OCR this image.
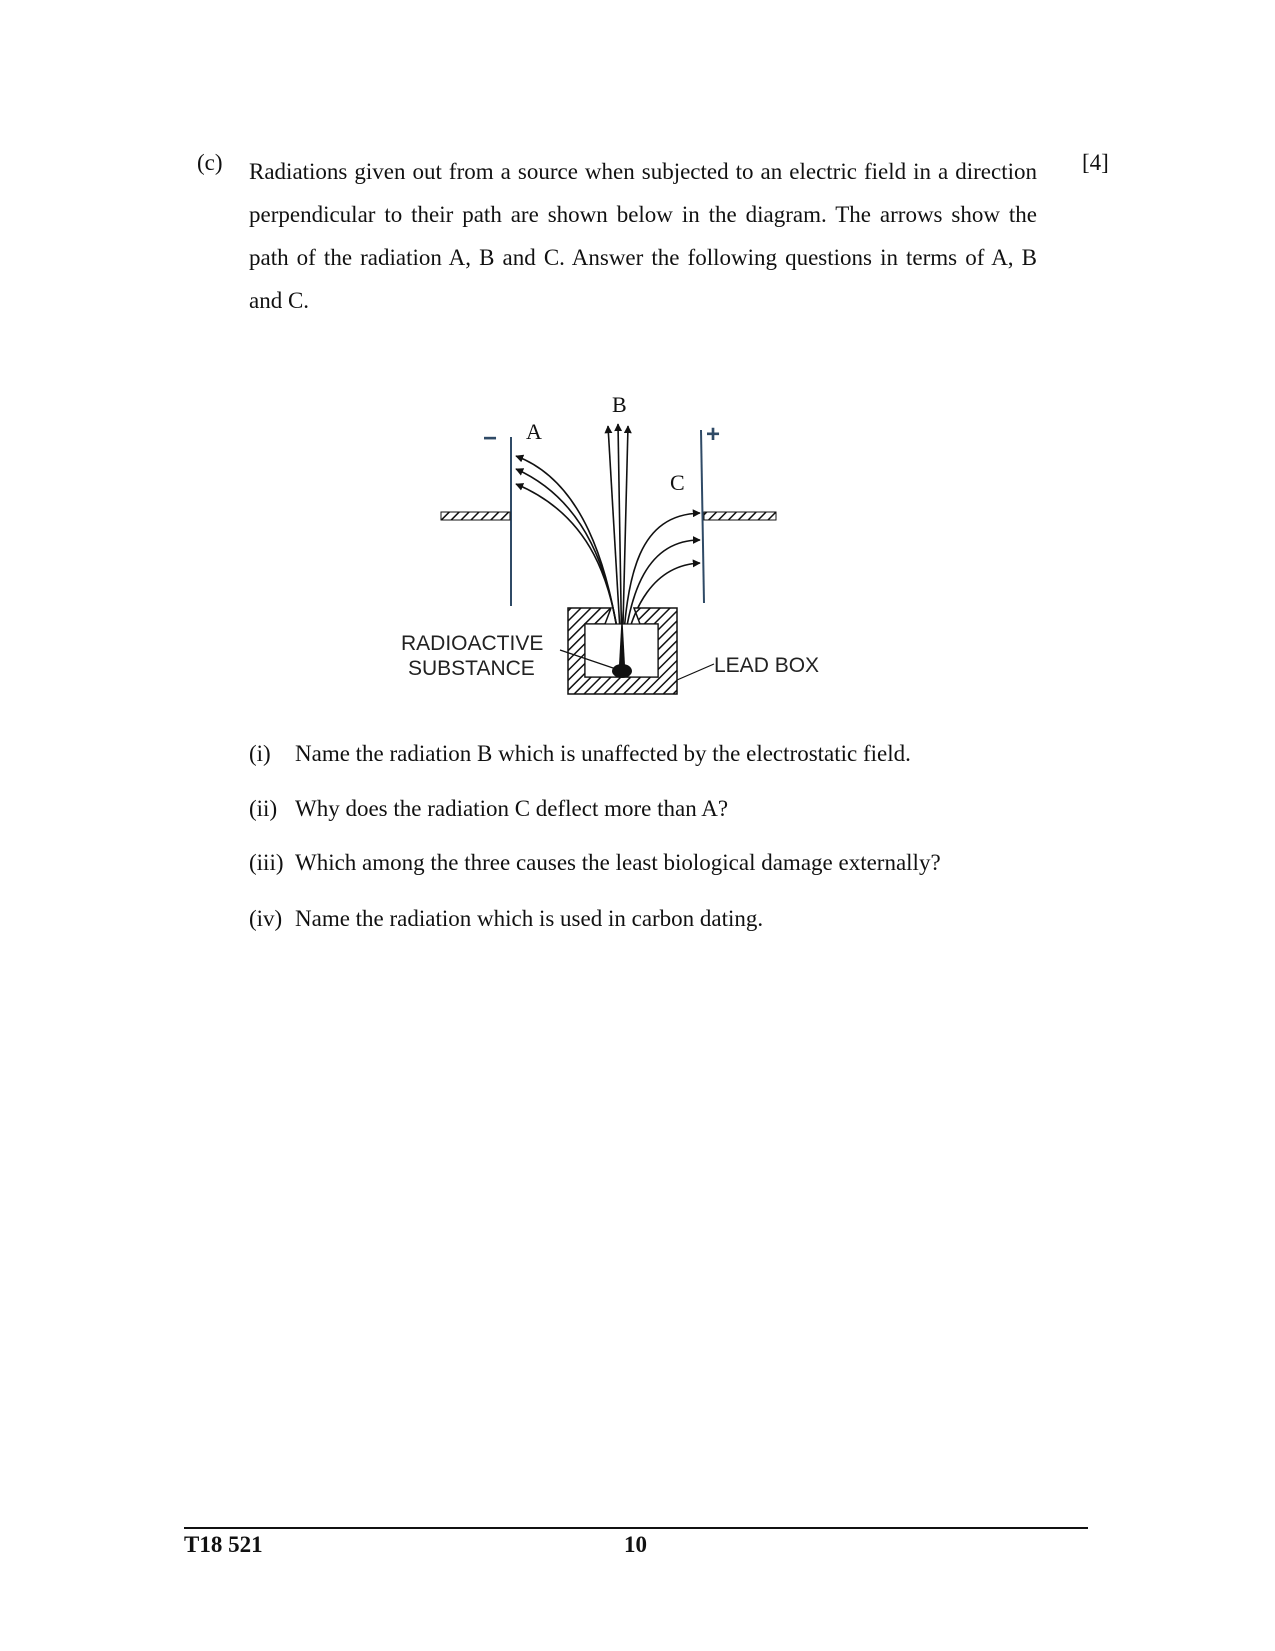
(c) Radiations given out from a source when subjected to an electric field in a direction perpendicular to their path are shown below in the diagram. The arrows show the path of the radiation A, B and C. Answer the following questions in terms of A, B and C.
[4]
B
A
C
−	+
RADIOACTIVE
SUBSTANCE	LEAD BOX
(i) Name the radiation B which is unaffected by the electrostatic field.
(ii) Why does the radiation C deflect more than A?
(iii) Which among the three causes the least biological damage externally?
(iv) Name the radiation which is used in carbon dating.
T18 521	10
